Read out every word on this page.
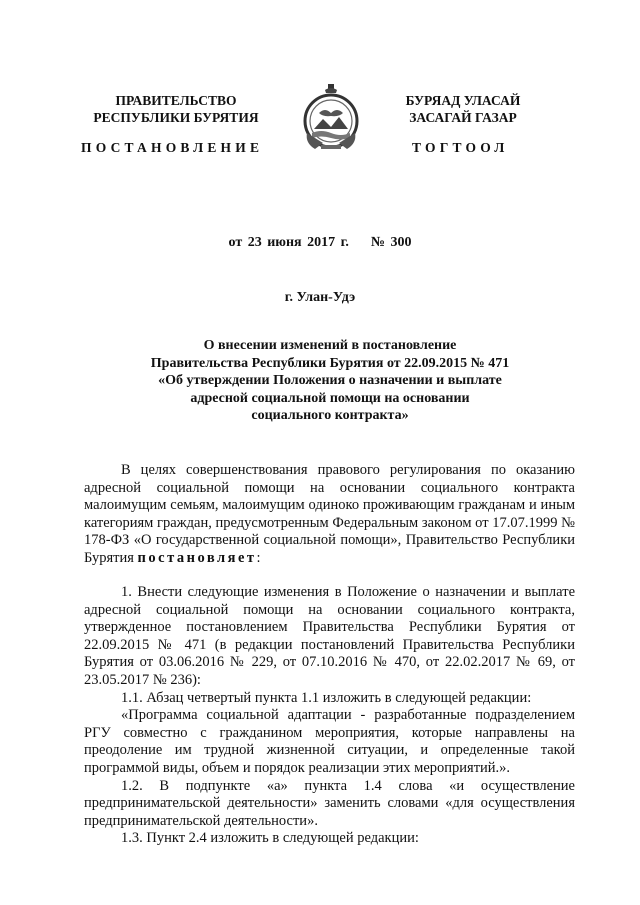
ПРАВИТЕЛЬСТВО
РЕСПУБЛИКИ БУРЯТИЯ
ПОСТАНОВЛЕНИЕ
БУРЯАД УЛАСАЙ
ЗАСАГАЙ ГАЗАР
ТОГТООЛ
от 23 июня 2017 г.    № 300
г. Улан-Удэ
О внесении изменений в постановление
Правительства Республики Бурятия от 22.09.2015 № 471
«Об утверждении Положения о назначении и выплате
адресной социальной помощи на основании
социального контракта»

В целях совершенствования правового регулирования по оказанию адресной социальной помощи на основании социального контракта малоимущим семьям, малоимущим одиноко проживающим гражданам и иным категориям граждан, предусмотренным Федеральным законом от 17.07.1999 № 178-ФЗ «О государственной социальной помощи», Правительство Республики Бурятия постановляет:

1. Внести следующие изменения в Положение о назначении и выплате адресной социальной помощи на основании социального контракта, утвержденное постановлением Правительства Республики Бурятия от 22.09.2015 № 471 (в редакции постановлений Правительства Республики Бурятия от 03.06.2016 № 229, от 07.10.2016 № 470, от 22.02.2017 № 69, от 23.05.2017 № 236):

1.1. Абзац четвертый пункта 1.1 изложить в следующей редакции:

«Программа социальной адаптации - разработанные подразделением РГУ совместно с гражданином мероприятия, которые направлены на преодоление им трудной жизненной ситуации, и определенные такой программой виды, объем и порядок реализации этих мероприятий.».

1.2. В подпункте «а» пункта 1.4 слова «и осуществление предпринимательской деятельности» заменить словами «для осуществления предпринимательской деятельности».

1.3. Пункт 2.4 изложить в следующей редакции:
